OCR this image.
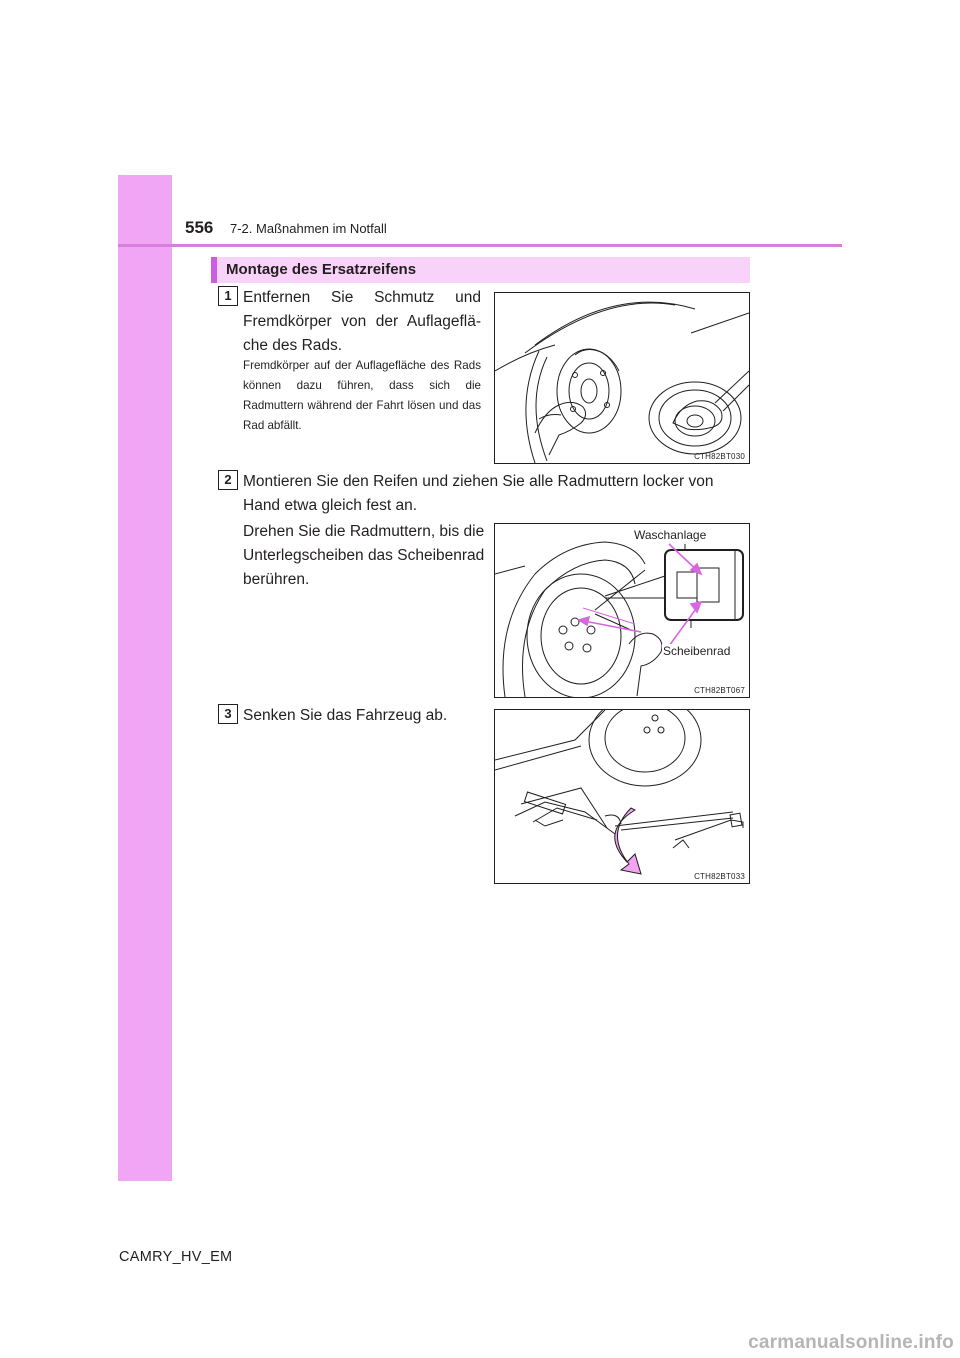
556 7-2. Maßnahmen im Notfall
Montage des Ersatzreifens
1 Entfernen Sie Schmutz und Fremdkörper von der Auflagefläche des Rads.
Fremdkörper auf der Auflagefläche des Rads können dazu führen, dass sich die Radmuttern während der Fahrt lösen und das Rad abfällt.
CTH82BT030
2 Montieren Sie den Reifen und ziehen Sie alle Radmuttern locker von Hand etwa gleich fest an.
Drehen Sie die Radmuttern, bis die Unterlegscheiben das Scheibenrad berühren.
Waschanlage
Scheibenrad
CTH82BT067
3 Senken Sie das Fahrzeug ab.
CTH82BT033
CAMRY_HV_EM
carmanualsonline.info
